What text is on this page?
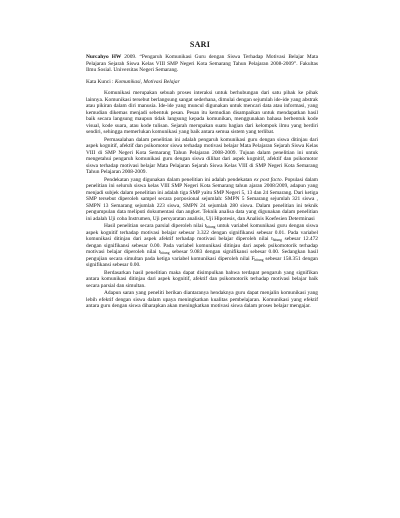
SARI

Nurcahyo HW 2009. “Pengaruh Komunikasi Guru dengan Siswa Terhadap Motivasi Belajar Mata Pelajaran Sejarah Siswa Kelas VIII SMP Negeri Kota Semarang Tahun Pelajaran 2008-2009”. Fakultas Ilmu Sosial. Universitas Negeri Semarang.

Kata Kunci : Komunikasi, Motivasi Belajar

Komunikasi merupakan sebuah proses interaksi untuk berhubungan dari satu pihak ke pihak lainnya. Komunikasi tersebut berlangsung sangat sederhana, dimulai dengan sejumlah ide-ide yang abstrak atau pikiran dalam diri manusia. Ide-ide yang muncul digunakan untuk mencari data atau informasi, yang kemudian dikemas menjadi sebentuk pesan. Pesan itu kemudian disampaikan untuk mendapatkan hasil baik secara langsung maupun tidak langsung kepada komunikan, menggunakan bahasa berbentuk kode visual, kode suara, atau kode tulisan. Sejarah merupakan suatu bagian dari kelompok ilmu yang berdiri sendiri, sehingga memerlukan komunikasi yang baik antara semua sistem yang terlibat.

Permasalahan dalam penelitian ini adalah pengaruh komunikasi guru dengan siswa ditinjau dari aspek kognitif, afektif dan psikomotor siswa terhadap motivasi belajar Mata Pelajaran Sejarah Siswa Kelas VIII di SMP Negeri Kota Semarang Tahun Pelajaran 2008-2009. Tujuan dalam penelitian ini untuk mengetahui pengaruh komunikasi guru dengan siswa dilihat dari aspek kognitif, afektif dan psikomotor siswa terhadap motivasi belajar Mata Pelajaran Sejarah Siswa Kelas VIII di SMP Negeri Kota Semarang Tahun Pelajaran 2008-2009.

Pendekatan yang digunakan dalam penelitian ini adalah pendekatan ex post facto. Populasi dalam penelitian ini seluruh siswa kelas VIII SMP Negeri Kota Semarang tahun ajaran 2008/2009, adapun yang menjadi subjek dalam penelitian ini adalah tiga SMP yaitu SMP Negeri 5, 13 dan 24 Semarang. Dari ketiga SMP tersebut diperoleh sampel secara porposional sejumlah: SMPN 5 Semarang sejumlah 321 siswa , SMPN 13 Semarang sejumlah 223 siswa, SMPN 24 sejumlah 280 siswa. Dalam penelitian ini teknik pengumpulan data meliputi dokumentasi dan angket. Teknik analisa data yang digunakan dalam penelitian ini adalah Uji coba Instrumen, Uji persyaratan analisis, Uji Hipotesis, dan Analisis Koefesien Determinasi

Hasil penelitian secara parsial diperoleh nilai $t_{hitung}$ untuk variabel komunikasi guru dengan siswa aspek kognitif terhadap motivasi belajar sebesar 3.322 dengan signifikansi sebesar 0.01. Pada variabel komunikasi ditinjau dari aspek afektif terhadap motivasi belajar diperoleh nilai $t_{hitung}$ sebesar 12.472 dengan signifikansi sebesar 0.00. Pada variabel komunikasi ditinjau dari aspek psikomotorik terhadap motivasi belajar diperoleh nilai $t_{hitung}$ sebesar 9.083 dengan signifikansi sebesar 0.00. Sedangkan hasil pengujian secara simultan pada ketiga variabel komunikasi diperoleh nilai $F_{hitung}$ sebesar 158.351 dengan signifikansi sebesar 0.00.

Berdasarkan hasil penelitian maka dapat disimpulkan bahwa terdapat pengaruh yang signifikan antara komunikasi ditinjau dari aspek kognitif, afektif dan psikomotorik terhadap motivasi belajar baik secara parsial dan simultan.

Adapun saran yang peneliti berikan diantaranya hendaknya guru dapat menjalin komunikasi yang lebih efektif dengan siswa dalam upaya meningkatkan kualitas pembelajaran. Komunikasi yang efektif antara guru dengan siswa diharapkan akan meningkatkan motivasi siswa dalam proses belajar mengajar.
